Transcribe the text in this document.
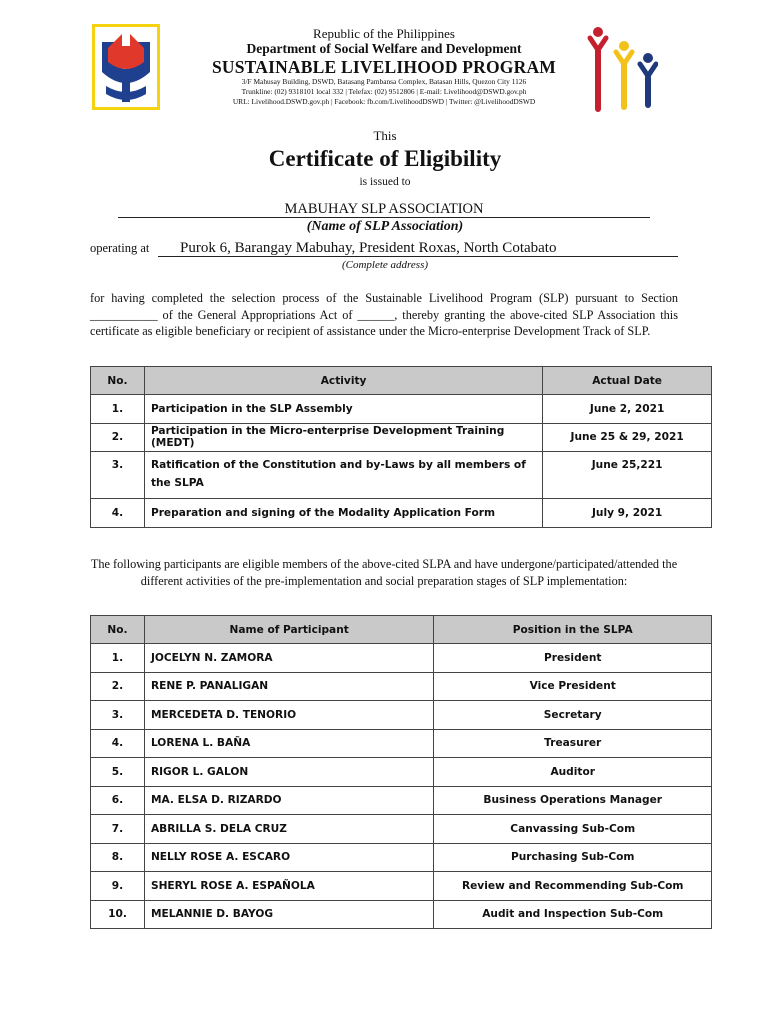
Republic of the Philippines
Department of Social Welfare and Development
SUSTAINABLE LIVELIHOOD PROGRAM
3/F Mahusay Building, DSWD, Batasang Pambansa Complex, Batasan Hills, Quezon City 1126
Trunkline: (02) 9318101 local 332 | Telefax: (02) 9512806 | E-mail: Livelihood@DSWD.gov.ph
URL: Livelihood.DSWD.gov.ph | Facebook: fb.com/LivelihoodDSWD | Twitter: @LivelihoodDSWD
This
Certificate of Eligibility
is issued to
MABUHAY SLP ASSOCIATION
(Name of SLP Association)
operating at Purok 6, Barangay Mabuhay, President Roxas, North Cotabato
(Complete address)
for having completed the selection process of the Sustainable Livelihood Program (SLP) pursuant to Section ___________ of the General Appropriations Act of ______, thereby granting the above-cited SLP Association this certificate as eligible beneficiary or recipient of assistance under the Micro-enterprise Development Track of SLP.
No.	Activity	Actual Date
1.	Participation in the SLP Assembly	June 2, 2021
2.	Participation in the Micro-enterprise Development Training (MEDT)	June 25 & 29, 2021
3.	Ratification of the Constitution and by-Laws by all members of the SLPA	June 25,221
4.	Preparation and signing of the Modality Application Form	July 9, 2021
The following participants are eligible members of the above-cited SLPA and have undergone/participated/attended the different activities of the pre-implementation and social preparation stages of SLP implementation:
No.	Name of Participant	Position in the SLPA
1.	JOCELYN N. ZAMORA	President
2.	RENE P. PANALIGAN	Vice President
3.	MERCEDETA D. TENORIO	Secretary
4.	LORENA L. BAÑA	Treasurer
5.	RIGOR L. GALON	Auditor
6.	MA. ELSA D. RIZARDO	Business Operations Manager
7.	ABRILLA S. DELA CRUZ	Canvassing Sub-Com
8.	NELLY ROSE A. ESCARO	Purchasing Sub-Com
9.	SHERYL ROSE A. ESPAÑOLA	Review and Recommending Sub-Com
10.	MELANNIE D. BAYOG	Audit and Inspection Sub-Com
